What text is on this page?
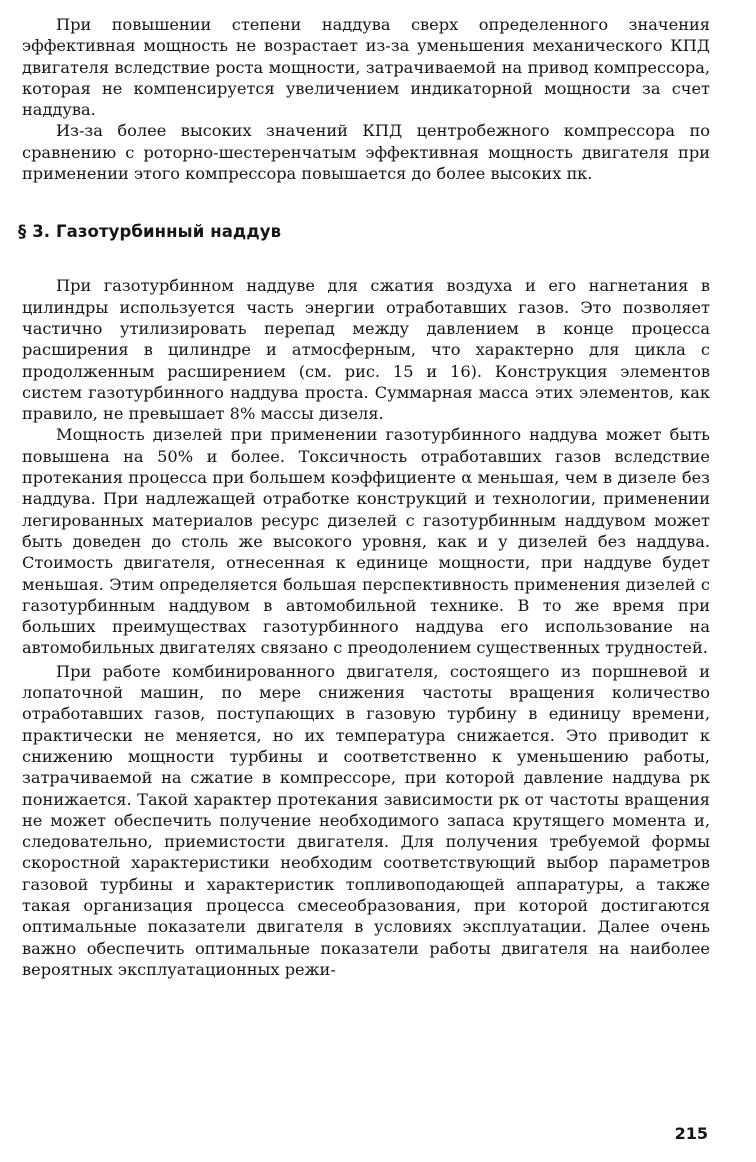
При повышении степени наддува сверх определенного значения эффективная мощность не возрастает из-за уменьшения механического КПД двигателя вследствие роста мощности, затрачиваемой на привод компрессора, которая не компенсируется увеличением индикаторной мощности за счет наддува.

Из-за более высоких значений КПД центробежного компрессора по сравнению с роторно-шестеренчатым эффективная мощность двигателя при применении этого компрессора повышается до более высоких πк.

§ 3. Газотурбинный наддув

При газотурбинном наддуве для сжатия воздуха и его нагнетания в цилиндры используется часть энергии отработавших газов. Это позволяет частично утилизировать перепад между давлением в конце процесса расширения в цилиндре и атмосферным, что характерно для цикла с продолженным расширением (см. рис. 15 и 16). Конструкция элементов систем газотурбинного наддува проста. Суммарная масса этих элементов, как правило, не превышает 8% массы дизеля.

Мощность дизелей при применении газотурбинного наддува может быть повышена на 50% и более. Токсичность отработавших газов вследствие протекания процесса при большем коэффициенте α меньшая, чем в дизеле без наддува. При надлежащей отработке конструкций и технологии, применении легированных материалов ресурс дизелей с газотурбинным наддувом может быть доведен до столь же высокого уровня, как и у дизелей без наддува. Стоимость двигателя, отнесенная к единице мощности, при наддуве будет меньшая. Этим определяется большая перспективность применения дизелей с газотурбинным наддувом в автомобильной технике. В то же время при больших преимуществах газотурбинного наддува его использование на автомобильных двигателях связано с преодолением существенных трудностей.

При работе комбинированного двигателя, состоящего из поршневой и лопаточной машин, по мере снижения частоты вращения количество отработавших газов, поступающих в газовую турбину в единицу времени, практически не меняется, но их температура снижается. Это приводит к снижению мощности турбины и соответственно к уменьшению работы, затрачиваемой на сжатие в компрессоре, при которой давление наддува pк понижается. Такой характер протекания зависимости pк от частоты вращения не может обеспечить получение необходимого запаса крутящего момента и, следовательно, приемистости двигателя. Для получения требуемой формы скоростной характеристики необходим соответствующий выбор параметров газовой турбины и характеристик топливоподающей аппаратуры, а также такая организация процесса смесеобразования, при которой достигаются оптимальные показатели двигателя в условиях эксплуатации. Далее очень важно обеспечить оптимальные показатели работы двигателя на наиболее вероятных эксплуатационных режи-

215
